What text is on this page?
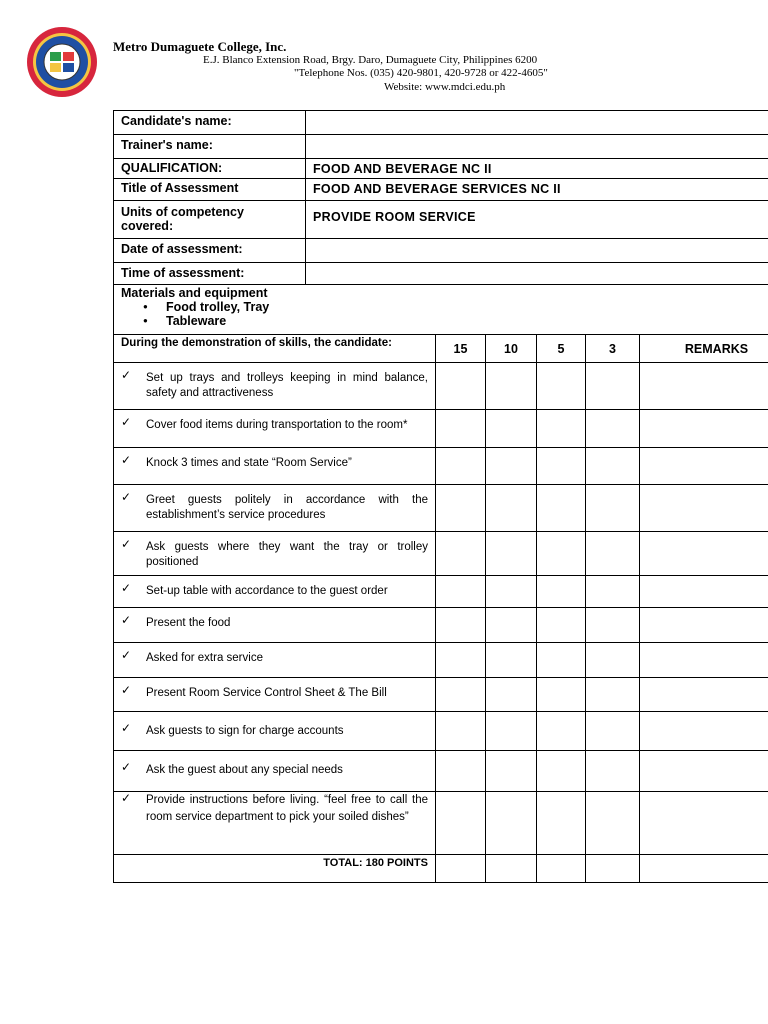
Metro Dumaguete College, Inc.
E.J. Blanco Extension Road, Brgy. Daro, Dumaguete City, Philippines 6200
"Telephone Nos. (035) 420-9801, 420-9728 or 422-4605"
Website: www.mdci.edu.ph
Candidate's name:	
Trainer's name:	
QUALIFICATION:	FOOD AND BEVERAGE NC II
Title of Assessment	FOOD AND BEVERAGE SERVICES NC II
Units of competency covered:	PROVIDE ROOM SERVICE
Date of assessment:	
Time of assessment:	
Materials and equipment
● Food trolley, Tray
● Tableware
During the demonstration of skills, the candidate:	15	10	5	3	REMARKS

✓ Set up trays and trolleys keeping in mind balance, safety and attractiveness					

✓ Cover food items during transportation to the room*					

✓ Knock 3 times and state “Room Service”					

✓ Greet guests politely in accordance with the establishment’s service procedures					

✓ Ask guests where they want the tray or trolley positioned					

✓ Set-up table with accordance to the guest order					

✓ Present the food					

✓ Asked for extra service					

✓ Present Room Service Control Sheet & The Bill					

✓ Ask guests to sign for charge accounts					

✓ Ask the guest about any special needs					

✓ Provide instructions before living. “feel free to call the room service department to pick your soiled dishes”					

TOTAL: 180 POINTS					
